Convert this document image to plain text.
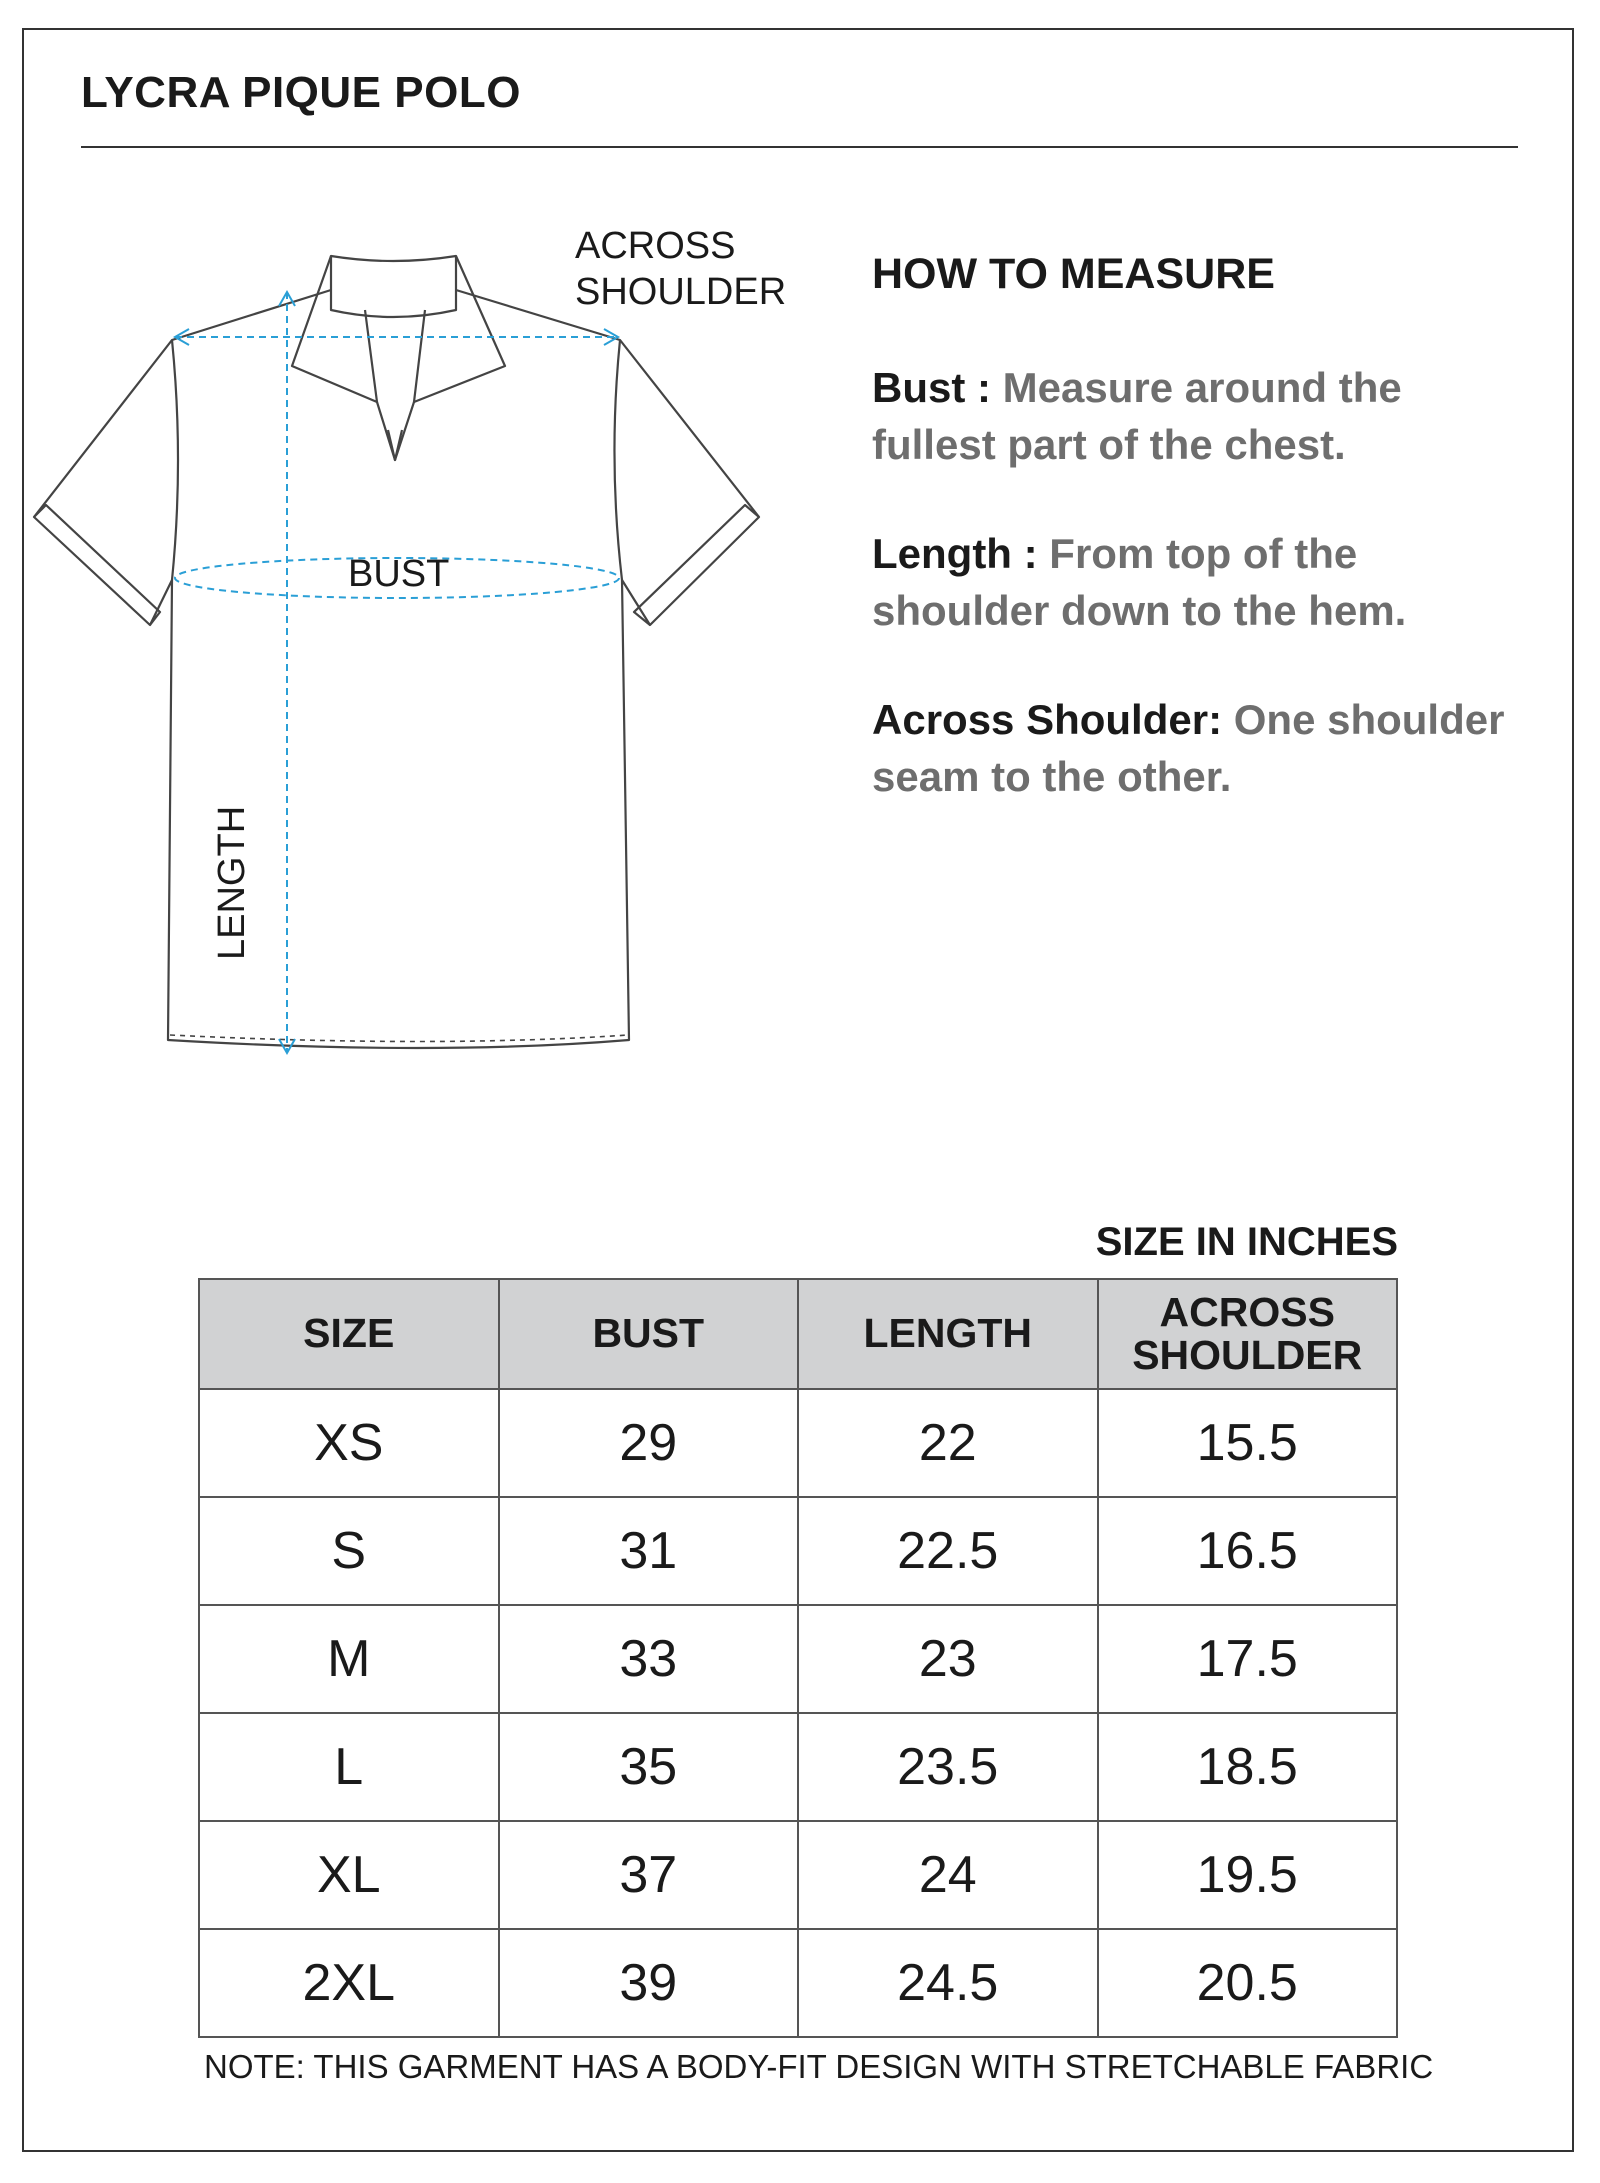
LYCRA PIQUE POLO
ACROSS
SHOULDER
BUST
LENGTH
HOW TO MEASURE
Bust : Measure around the fullest part of the chest.
Length : From top of the shoulder down to the hem.
Across Shoulder: One shoulder seam to the other.
SIZE IN INCHES
SIZE	BUST	LENGTH	ACROSS
SHOULDER
XS	29	22	15.5
S	31	22.5	16.5
M	33	23	17.5
L	35	23.5	18.5
XL	37	24	19.5
2XL	39	24.5	20.5
NOTE: THIS GARMENT HAS A BODY-FIT DESIGN WITH STRETCHABLE FABRIC
